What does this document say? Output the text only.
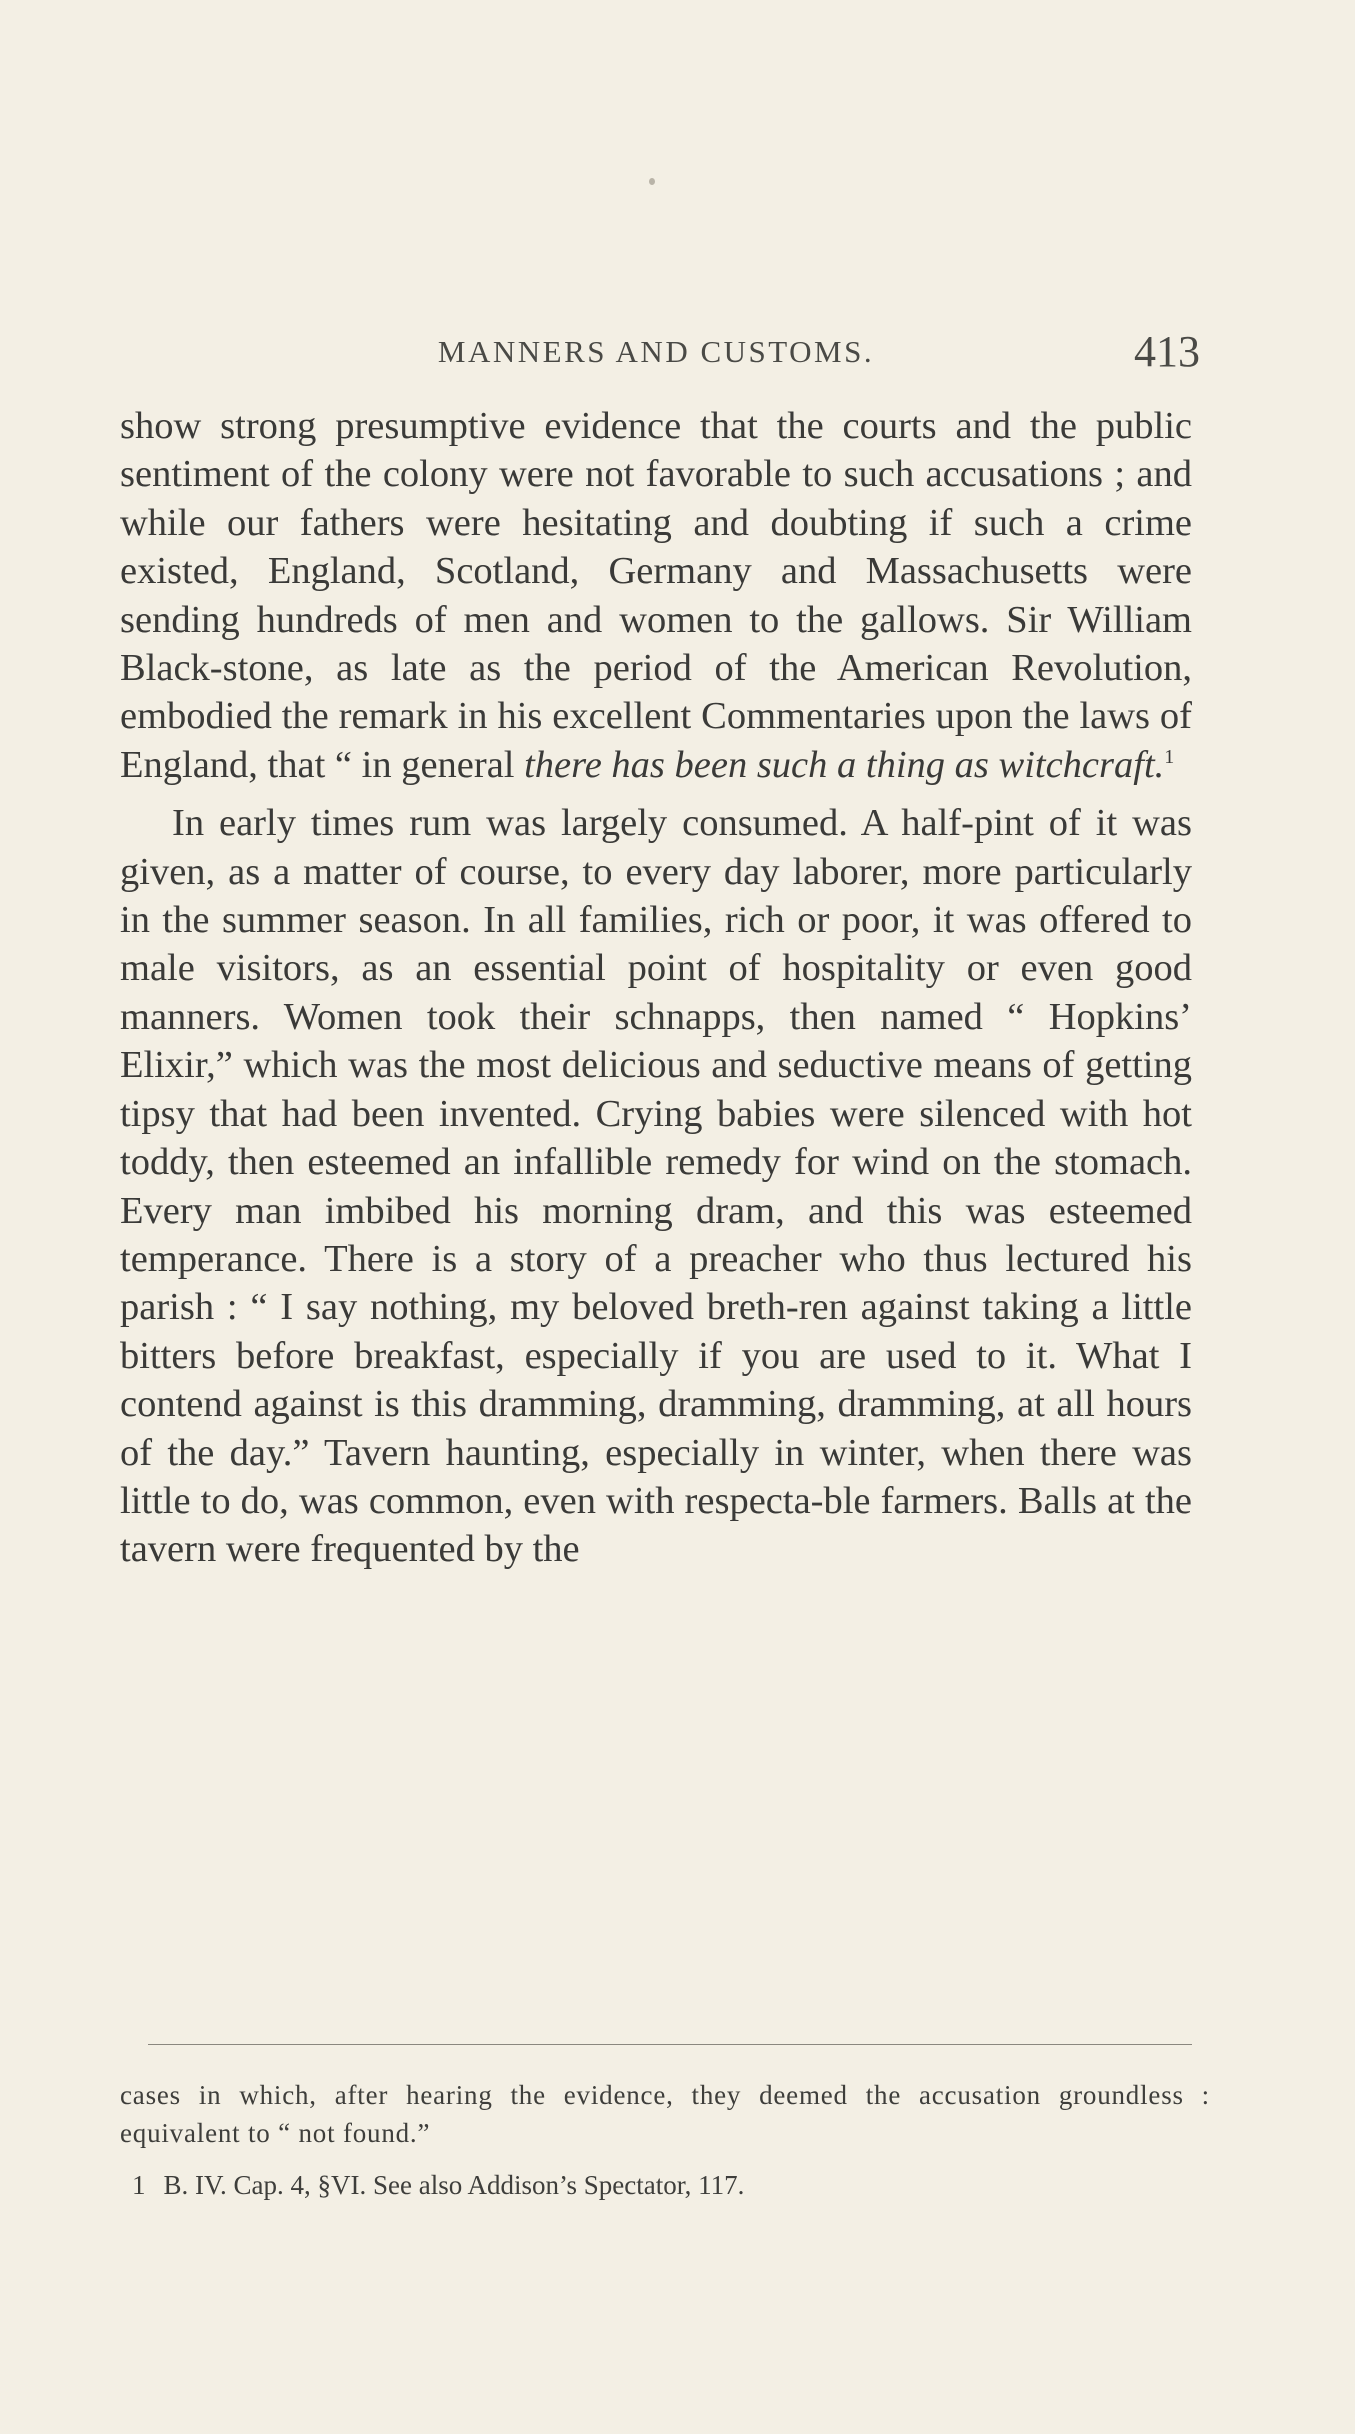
MANNERS AND CUSTOMS.	413

show strong presumptive evidence that the courts and the public sentiment of the colony were not favorable to such accusations ; and while our fathers were hesitating and doubting if such a crime existed, England, Scotland, Germany and Massachusetts were sending hundreds of men and women to the gallows. Sir William Black-stone, as late as the period of the American Revolution, embodied the remark in his excellent Commentaries upon the laws of England, that “ in general there has been such a thing as witchcraft.$^1$

In early times rum was largely consumed. A half-pint of it was given, as a matter of course, to every day laborer, more particularly in the summer season. In all families, rich or poor, it was offered to male visitors, as an essential point of hospitality or even good manners. Women took their schnapps, then named “ Hopkins’ Elixir,” which was the most delicious and seductive means of getting tipsy that had been invented. Crying babies were silenced with hot toddy, then esteemed an infallible remedy for wind on the stomach. Every man imbibed his morning dram, and this was esteemed temperance. There is a story of a preacher who thus lectured his parish : “ I say nothing, my beloved breth-ren against taking a little bitters before breakfast, especially if you are used to it. What I contend against is this dramming, dramming, dramming, at all hours of the day.” Tavern haunting, especially in winter, when there was little to do, was common, even with respecta-ble farmers. Balls at the tavern were frequented by the

cases in which, after hearing the evidence, they deemed the accusation groundless : equivalent to “ not found.”

1 B. IV. Cap. 4, §VI. See also Addison’s Spectator, 117.
